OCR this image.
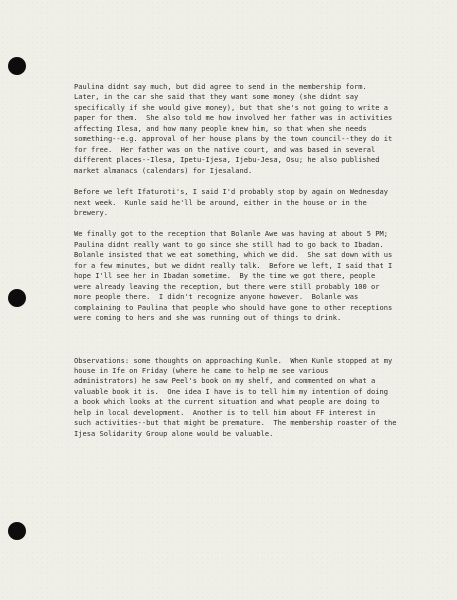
Paulina didnt say much, but did agree to send in the membership form.
Later, in the car she said that they want some money (she didnt say
specifically if she would give money), but that she's not going to write a
paper for them.  She also told me how involved her father was in activities
affecting Ilesa, and how many people knew him, so that when she needs
something--e.g. approval of her house plans by the town council--they do it
for free.  Her father was on the native court, and was based in several
different places--Ilesa, Ipetu-Ijesa, Ijebu-Jesa, Osu; he also published
market almanacs (calendars) for Ijesaland.

Before we left Ifaturoti's, I said I'd probably stop by again on Wednesday
next week.  Kunle said he'll be around, either in the house or in the
brewery.

We finally got to the reception that Bolanle Awe was having at about 5 PM;
Paulina didnt really want to go since she still had to go back to Ibadan.
Bolanle insisted that we eat something, which we did.  She sat down with us
for a few minutes, but we didnt really talk.  Before we left, I said that I
hope I'll see her in Ibadan sometime.  By the time we got there, people
were already leaving the reception, but there were still probably 100 or
more people there.  I didn't recognize anyone however.  Bolanle was
complaining to Paulina that people who should have gone to other receptions
were coming to hers and she was running out of things to drink.

Observations: some thoughts on approaching Kunle.  When Kunle stopped at my
house in Ife on Friday (where he came to help me see various
administrators) he saw Peel's book on my shelf, and commented on what a
valuable book it is.  One idea I have is to tell him my intention of doing
a book which looks at the current situation and what people are doing to
help in local development.  Another is to tell him about FF interest in
such activities--but that might be premature.  The membership roaster of the
Ijesa Solidarity Group alone would be valuable.
